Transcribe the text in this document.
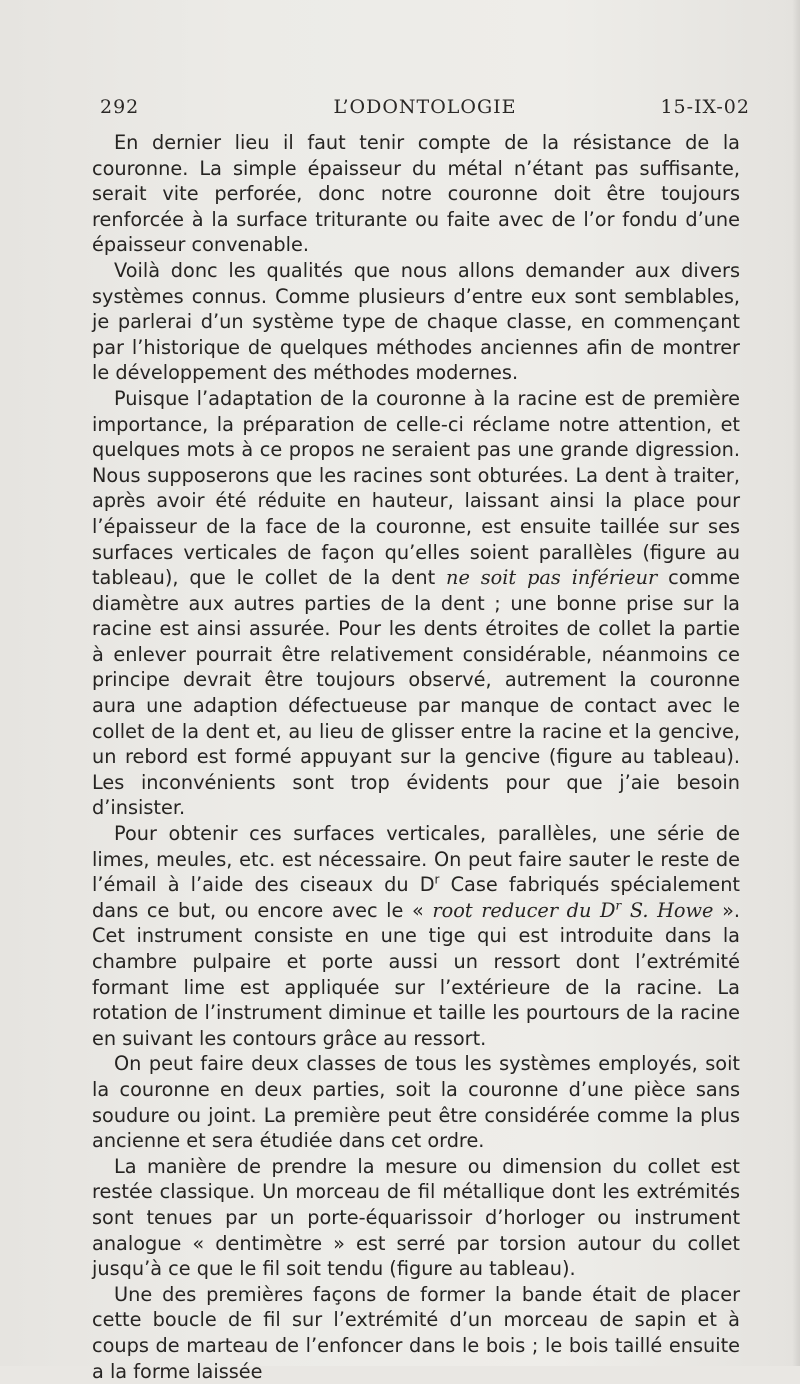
292	L’ODONTOLOGIE	15-IX-02

En dernier lieu il faut tenir compte de la résistance de la couronne. La simple épaisseur du métal n’étant pas suffisante, serait vite perforée, donc notre couronne doit être toujours renforcée à la surface triturante ou faite avec de l’or fondu d’une épaisseur convenable.

Voilà donc les qualités que nous allons demander aux divers systèmes connus. Comme plusieurs d’entre eux sont semblables, je parlerai d’un système type de chaque classe, en commençant par l’historique de quelques méthodes anciennes afin de montrer le développement des méthodes modernes.

Puisque l’adaptation de la couronne à la racine est de première importance, la préparation de celle-ci réclame notre attention, et quelques mots à ce propos ne seraient pas une grande digression. Nous supposerons que les racines sont obturées. La dent à traiter, après avoir été réduite en hauteur, laissant ainsi la place pour l’épaisseur de la face de la couronne, est ensuite taillée sur ses surfaces verticales de façon qu’elles soient parallèles (figure au tableau), que le collet de la dent ne soit pas inférieur comme diamètre aux autres parties de la dent ; une bonne prise sur la racine est ainsi assurée. Pour les dents étroites de collet la partie à enlever pourrait être relativement considérable, néanmoins ce principe devrait être toujours observé, autrement la couronne aura une adaption défectueuse par manque de contact avec le collet de la dent et, au lieu de glisser entre la racine et la gencive, un rebord est formé appuyant sur la gencive (figure au tableau). Les inconvénients sont trop évidents pour que j’aie besoin d’insister.

Pour obtenir ces surfaces verticales, parallèles, une série de limes, meules, etc. est nécessaire. On peut faire sauter le reste de l’émail à l’aide des ciseaux du $D^r$ Case fabriqués spécialement dans ce but, ou encore avec le « root reducer du $D^r$ S. Howe ». Cet instrument consiste en une tige qui est introduite dans la chambre pulpaire et porte aussi un ressort dont l’extrémité formant lime est appliquée sur l’extérieure de la racine. La rotation de l’instrument diminue et taille les pourtours de la racine en suivant les contours grâce au ressort.

On peut faire deux classes de tous les systèmes employés, soit la couronne en deux parties, soit la couronne d’une pièce sans soudure ou joint. La première peut être considérée comme la plus ancienne et sera étudiée dans cet ordre.

La manière de prendre la mesure ou dimension du collet est restée classique. Un morceau de fil métallique dont les extrémités sont tenues par un porte-équarissoir d’horloger ou instrument analogue « dentimètre » est serré par torsion autour du collet jusqu’à ce que le fil soit tendu (figure au tableau).

Une des premières façons de former la bande était de placer cette boucle de fil sur l’extrémité d’un morceau de sapin et à coups de marteau de l’enfoncer dans le bois ; le bois taillé ensuite a la forme laissée
